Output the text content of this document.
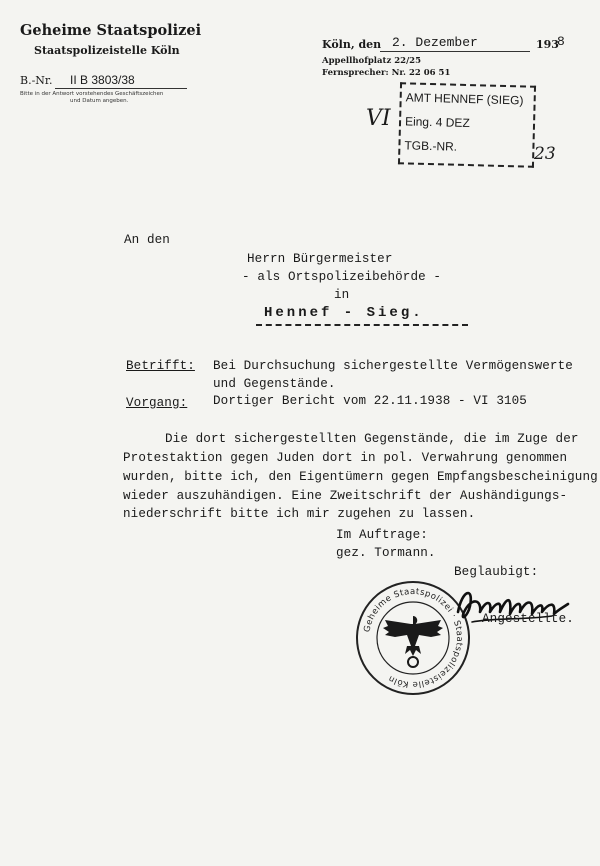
Geheime Staatspolizei
Staatspolizeistelle Köln
B.-Nr. II B 3803/38
Bitte in der Antwort vorstehendes Geschäftszeichen
und Datum angeben.
Köln, den 2. Dezember	193
8
Appellhofplatz 22/25
Fernsprecher: Nr. 22 06 51
VI
AMT HENNEF (SIEG)
Eing. 4 DEZ
TGB.-NR.	23
An den
Herrn Bürgermeister
- als Ortspolizeibehörde -
in
Hennef - Sieg.
Betrifft: Bei Durchsuchung sichergestellte Vermögenswerte
und Gegenstände.
Vorgang: Dortiger Bericht vom 22.11.1938 - VI 3105
Die dort sichergestellten Gegenstände, die im Zuge der
Protestaktion gegen Juden dort in pol. Verwahrung genommen
wurden, bitte ich, den Eigentümern gegen Empfangsbescheinigung
wieder auszuhändigen. Eine Zweitschrift der Aushändigungs-
niederschrift bitte ich mir zugehen zu lassen.
Im Auftrage:
gez. Tormann.
Beglaubigt:
Geheime Staatspolizei · Staatspolizeistelle Köln
Angestellte.
